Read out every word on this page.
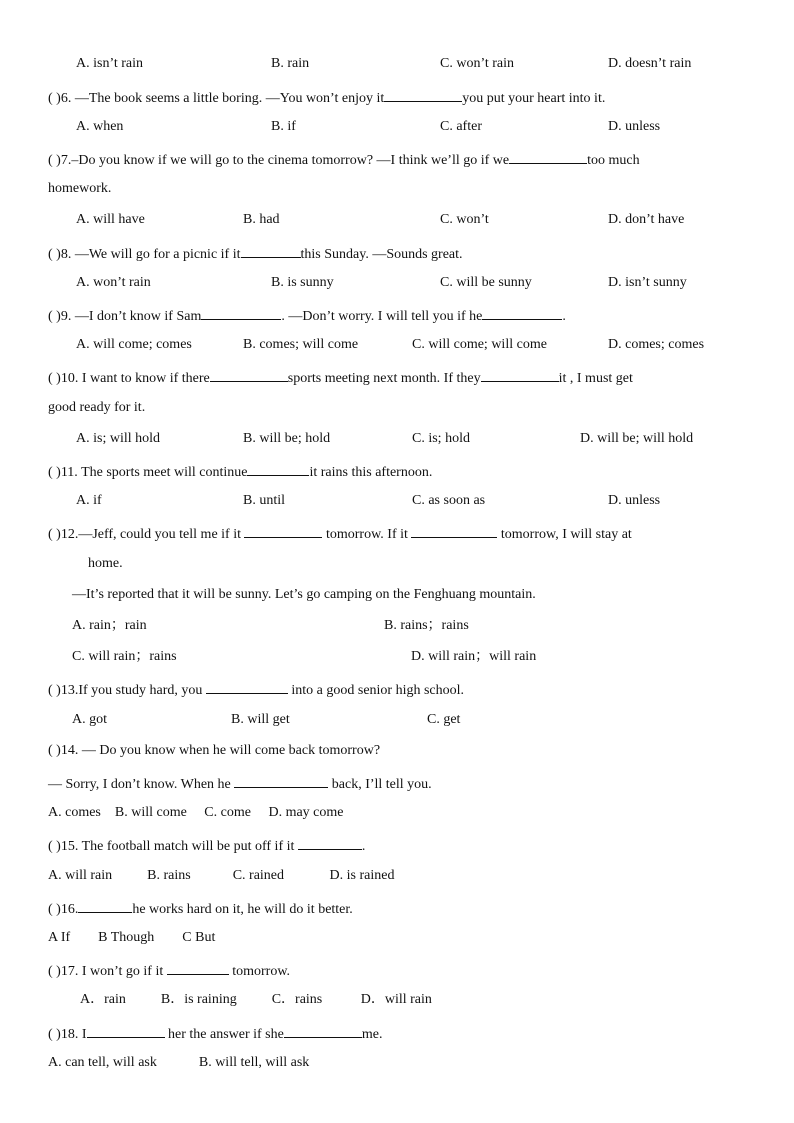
A. isn’t rain	B. rain	C. won’t rain	D. doesn’t rain
( )6. —The book seems a little boring. —You won’t enjoy it	you put your heart into it.
A. when	B. if	C. after	D. unless
( )7.–Do you know if we will go to the cinema tomorrow? —I think we’ll go if we	too much
homework.
A. will have	B. had	C. won’t	D. don’t have
( )8. —We will go for a picnic if it	this Sunday. —Sounds great.
A. won’t rain	B. is sunny	C. will be sunny	D. isn’t sunny
( )9. —I don’t know if Sam	. —Don’t worry. I will tell you if he	.
A. will come; comes	B. comes; will come	C. will come; will come	D. comes; comes
( )10. I want to know if there	sports meeting next month. If they	it , I must get
good ready for it.
A. is; will hold	B. will be; hold	C. is; hold	D. will be; will hold
( )11. The sports meet will continue	it rains this afternoon.
A. if	B. until	C. as soon as	D. unless
( )12.—Jeff, could you tell me if it	tomorrow. If it	tomorrow, I will stay at
home.
—It’s reported that it will be sunny. Let’s go camping on the Fenghuang mountain.
A. rain；rain	B. rains；rains
C. will rain；rains	D. will rain；will rain
( )13.If you study hard, you	into a good senior high school.
A. got	B. will get	C. get
( )14. — Do you know when he will come back tomorrow?
— Sorry, I don’t know. When he	back, I’ll tell you.
A. comes    B. will come     C. come     D. may come
( )15. The football match will be put off if it	.
A. will rain          B. rains            C. rained             D. is rained
( )16.	he works hard on it, he will do it better.
A If        B Though        C But
( )17. I won’t go if it	tomorrow.
A．rain          B．is raining          C．rains           D．will rain
( )18. I	her the answer if she	me.
A. can tell, will ask            B. will tell, will ask
